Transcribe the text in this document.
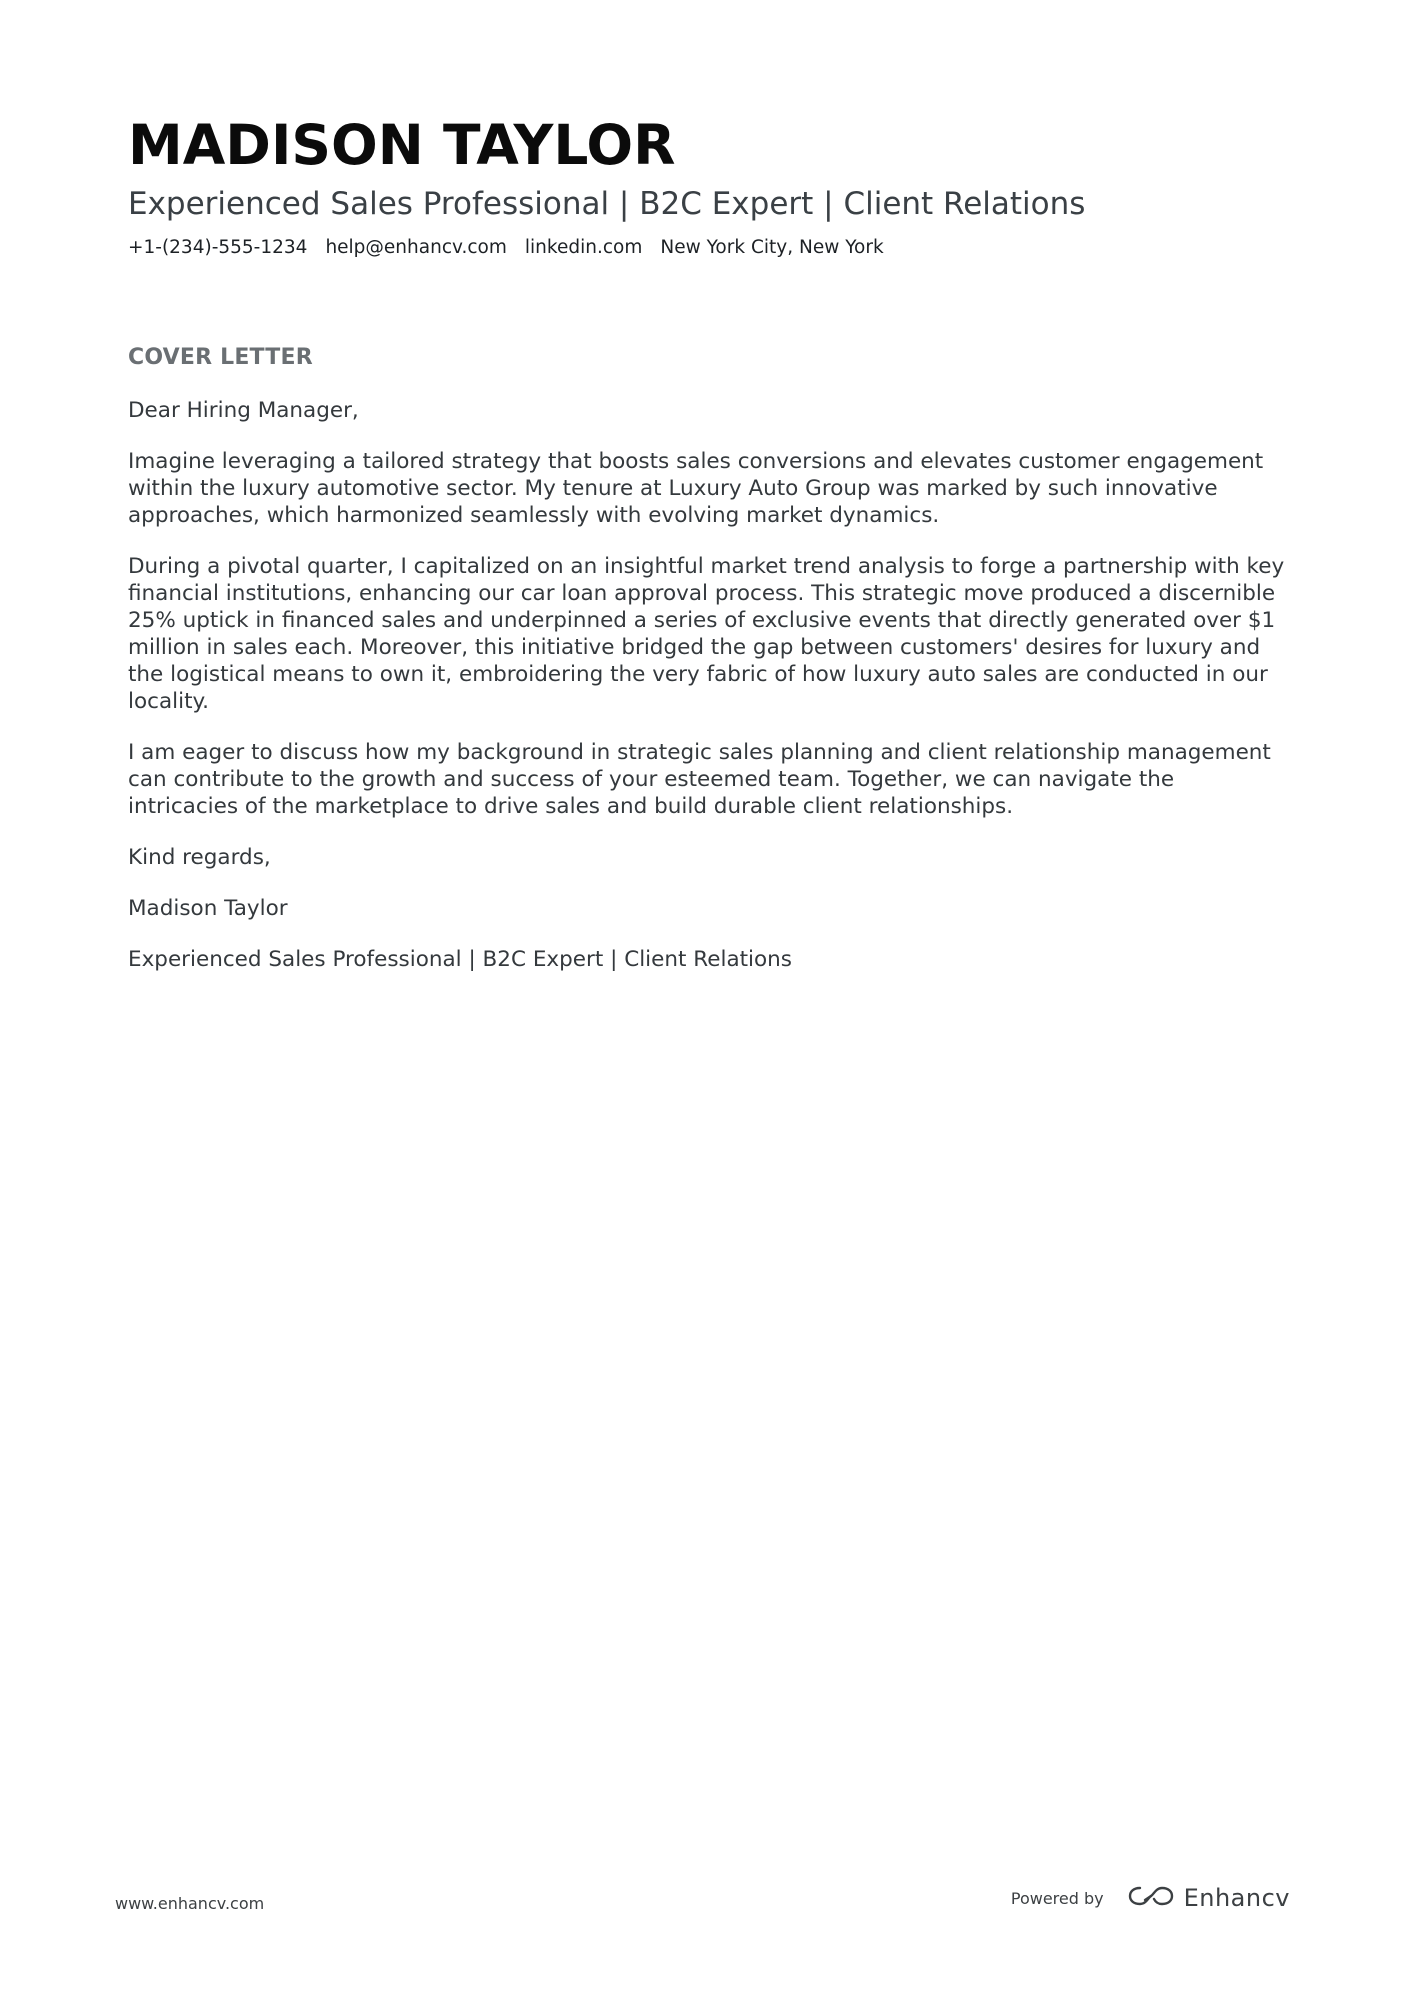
MADISON TAYLOR
Experienced Sales Professional | B2C Expert | Client Relations
+1-(234)-555-1234 help@enhancv.com linkedin.com New York City, New York
COVER LETTER

Dear Hiring Manager,

Imagine leveraging a tailored strategy that boosts sales conversions and elevates customer engagement within the luxury automotive sector. My tenure at Luxury Auto Group was marked by such innovative approaches, which harmonized seamlessly with evolving market dynamics.

During a pivotal quarter, I capitalized on an insightful market trend analysis to forge a partnership with key financial institutions, enhancing our car loan approval process. This strategic move produced a discernible 25% uptick in financed sales and underpinned a series of exclusive events that directly generated over $1 million in sales each. Moreover, this initiative bridged the gap between customers' desires for luxury and the logistical means to own it, embroidering the very fabric of how luxury auto sales are conducted in our locality.

I am eager to discuss how my background in strategic sales planning and client relationship management can contribute to the growth and success of your esteemed team. Together, we can navigate the intricacies of the marketplace to drive sales and build durable client relationships.

Kind regards,

Madison Taylor

Experienced Sales Professional | B2C Expert | Client Relations

www.enhancv.com	Powered by	Enhancv
